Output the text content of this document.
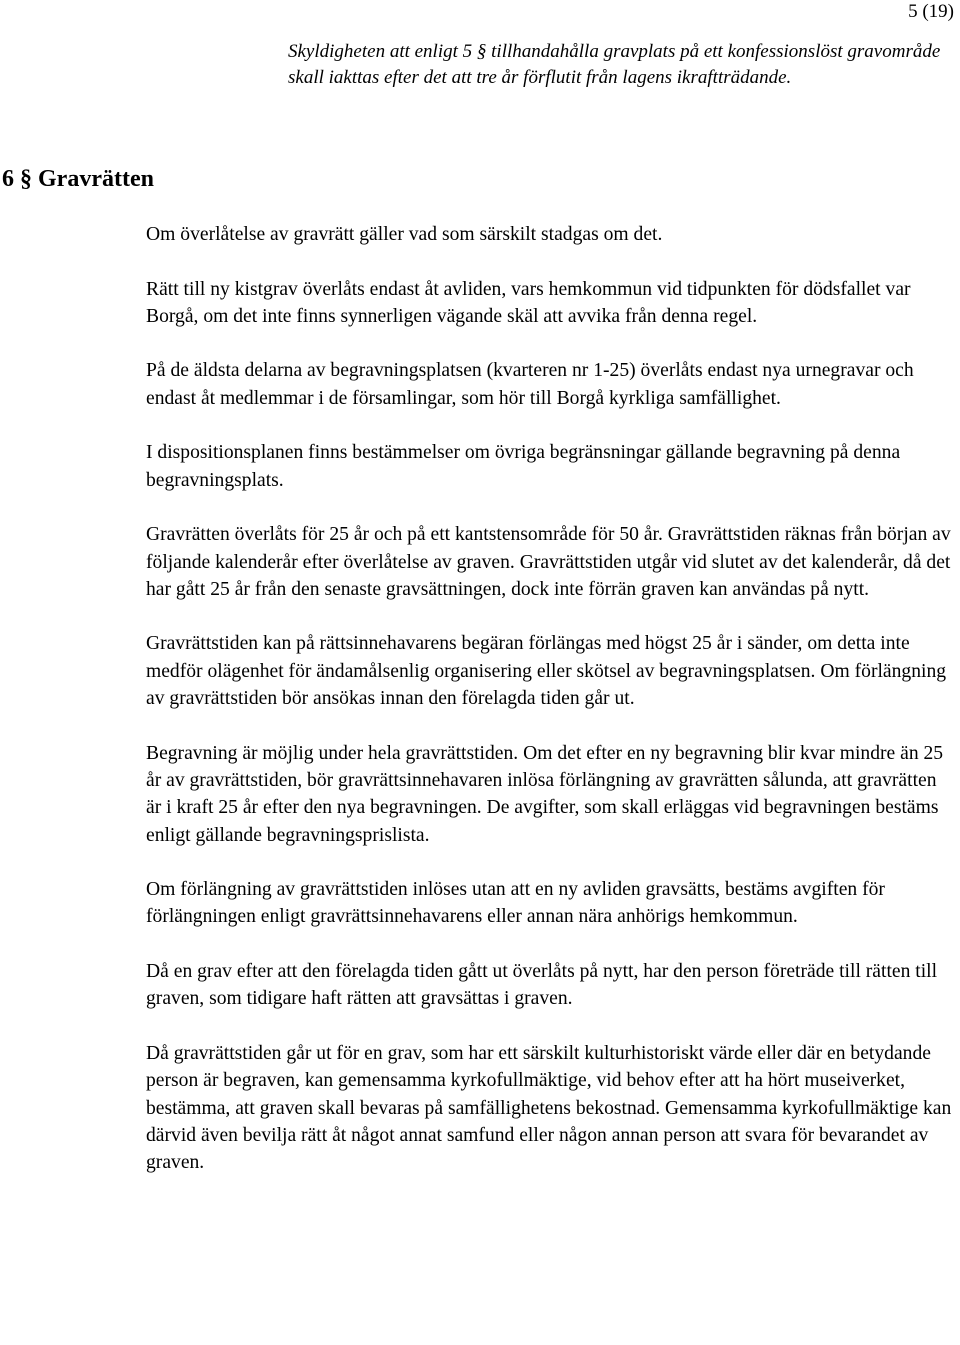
5 (19)
Skyldigheten att enligt 5 § tillhandahålla gravplats på ett konfessionslöst gravområde skall iakttas efter det att tre år förflutit från lagens ikraftträdande.
6 § Gravrätten

Om överlåtelse av gravrätt gäller vad som särskilt stadgas om det.

Rätt till ny kistgrav överlåts endast åt avliden, vars hemkommun vid tidpunkten för dödsfallet var Borgå, om det inte finns synnerligen vägande skäl att avvika från denna regel.

På de äldsta delarna av begravningsplatsen (kvarteren nr 1-25) överlåts endast nya urnegravar och endast åt medlemmar i de församlingar, som hör till Borgå kyrkliga samfällighet.

I dispositionsplanen finns bestämmelser om övriga begränsningar gällande begravning på denna begravningsplats.

Gravrätten överlåts för 25 år och på ett kantstensområde för 50 år. Gravrättstiden räknas från början av följande kalenderår efter överlåtelse av graven. Gravrättstiden utgår vid slutet av det kalenderår, då det har gått 25 år från den senaste gravsättningen, dock inte förrän graven kan användas på nytt.

Gravrättstiden kan på rättsinnehavarens begäran förlängas med högst 25 år i sänder, om detta inte medför olägenhet för ändamålsenlig organisering eller skötsel av begravningsplatsen. Om förlängning av gravrättstiden bör ansökas innan den förelagda tiden går ut.

Begravning är möjlig under hela gravrättstiden. Om det efter en ny begravning blir kvar mindre än 25 år av gravrättstiden, bör gravrättsinnehavaren inlösa förlängning av gravrätten sålunda, att gravrätten är i kraft 25 år efter den nya begravningen. De avgifter, som skall erläggas vid begravningen bestäms enligt gällande begravningsprislista.

Om förlängning av gravrättstiden inlöses utan att en ny avliden gravsätts, bestäms avgiften för förlängningen enligt gravrättsinnehavarens eller annan nära anhörigs hemkommun.

Då en grav efter att den förelagda tiden gått ut överlåts på nytt, har den person företräde till rätten till graven, som tidigare haft rätten att gravsättas i graven.

Då gravrättstiden går ut för en grav, som har ett särskilt kulturhistoriskt värde eller där en betydande person är begraven, kan gemensamma kyrkofullmäktige, vid behov efter att ha hört museiverket, bestämma, att graven skall bevaras på samfällighetens bekostnad. Gemensamma kyrkofullmäktige kan därvid även bevilja rätt åt något annat samfund eller någon annan person att svara för bevarandet av graven.
